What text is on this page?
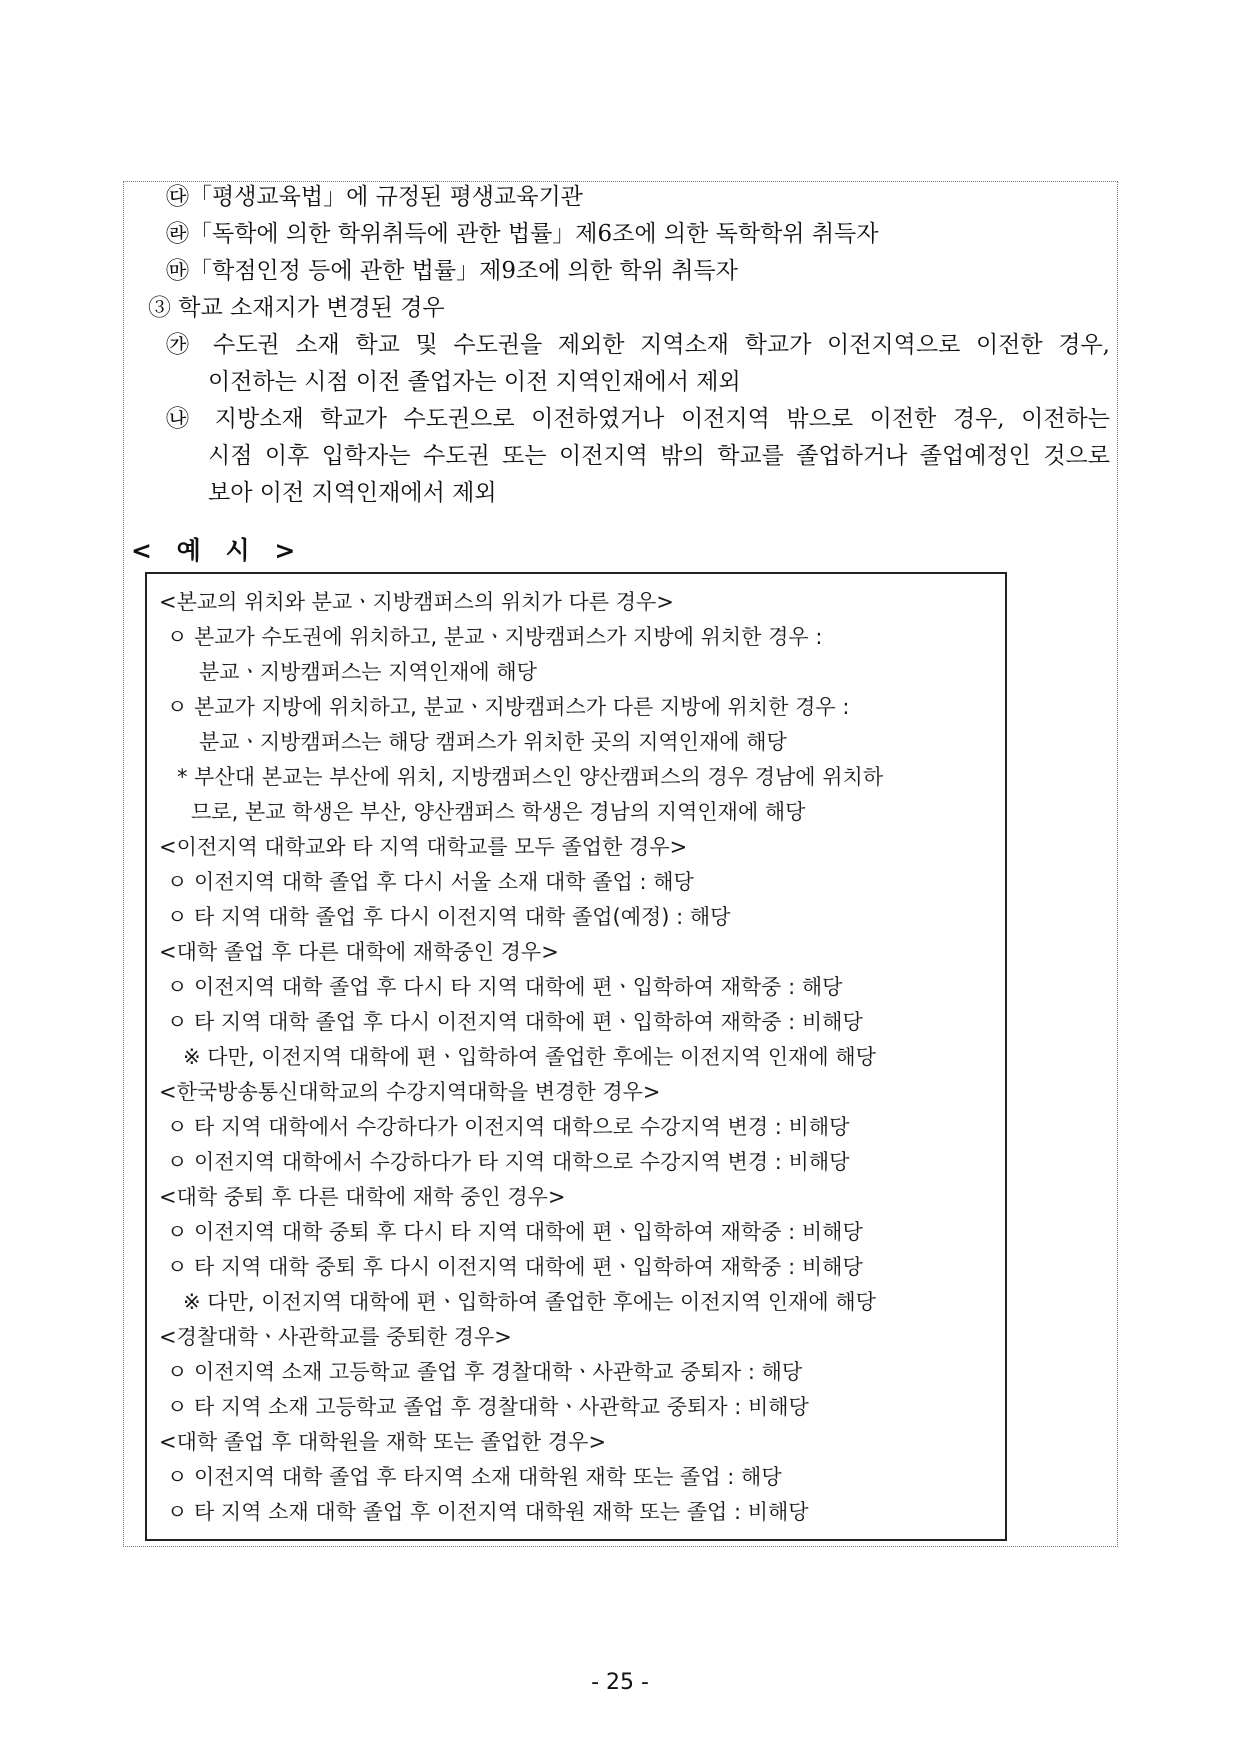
㉰「평생교육법」에 규정된 평생교육기관
㉱「독학에 의한 학위취득에 관한 법률」제6조에 의한 독학학위 취득자
㉲「학점인정 등에 관한 법률」제9조에 의한 학위 취득자
③ 학교 소재지가 변경된 경우
㉮ 수도권 소재 학교 및 수도권을 제외한 지역소재 학교가 이전지역으로 이전한 경우,
이전하는 시점 이전 졸업자는 이전 지역인재에서 제외
㉯ 지방소재 학교가 수도권으로 이전하였거나 이전지역 밖으로 이전한 경우, 이전하는
시점 이후 입학자는 수도권 또는 이전지역 밖의 학교를 졸업하거나 졸업예정인 것으로
보아 이전 지역인재에서 제외
< 예 시 >
<본교의 위치와 분교ㆍ지방캠퍼스의 위치가 다른 경우>
ㅇ 본교가 수도권에 위치하고, 분교ㆍ지방캠퍼스가 지방에 위치한 경우 :
분교ㆍ지방캠퍼스는 지역인재에 해당
ㅇ 본교가 지방에 위치하고, 분교ㆍ지방캠퍼스가 다른 지방에 위치한 경우 :
분교ㆍ지방캠퍼스는 해당 캠퍼스가 위치한 곳의 지역인재에 해당
* 부산대 본교는 부산에 위치, 지방캠퍼스인 양산캠퍼스의 경우 경남에 위치하
므로, 본교 학생은 부산, 양산캠퍼스 학생은 경남의 지역인재에 해당
<이전지역 대학교와 타 지역 대학교를 모두 졸업한 경우>
ㅇ 이전지역 대학 졸업 후 다시 서울 소재 대학 졸업 : 해당
ㅇ 타 지역 대학 졸업 후 다시 이전지역 대학 졸업(예정) : 해당
<대학 졸업 후 다른 대학에 재학중인 경우>
ㅇ 이전지역 대학 졸업 후 다시 타 지역 대학에 편ㆍ입학하여 재학중 : 해당
ㅇ 타 지역 대학 졸업 후 다시 이전지역 대학에 편ㆍ입학하여 재학중 : 비해당
※ 다만, 이전지역 대학에 편ㆍ입학하여 졸업한 후에는 이전지역 인재에 해당
<한국방송통신대학교의 수강지역대학을 변경한 경우>
ㅇ 타 지역 대학에서 수강하다가 이전지역 대학으로 수강지역 변경 : 비해당
ㅇ 이전지역 대학에서 수강하다가 타 지역 대학으로 수강지역 변경 : 비해당
<대학 중퇴 후 다른 대학에 재학 중인 경우>
ㅇ 이전지역 대학 중퇴 후 다시 타 지역 대학에 편ㆍ입학하여 재학중 : 비해당
ㅇ 타 지역 대학 중퇴 후 다시 이전지역 대학에 편ㆍ입학하여 재학중 : 비해당
※ 다만, 이전지역 대학에 편ㆍ입학하여 졸업한 후에는 이전지역 인재에 해당
<경찰대학ㆍ사관학교를 중퇴한 경우>
ㅇ 이전지역 소재 고등학교 졸업 후 경찰대학ㆍ사관학교 중퇴자 : 해당
ㅇ 타 지역 소재 고등학교 졸업 후 경찰대학ㆍ사관학교 중퇴자 : 비해당
<대학 졸업 후 대학원을 재학 또는 졸업한 경우>
ㅇ 이전지역 대학 졸업 후 타지역 소재 대학원 재학 또는 졸업 : 해당
ㅇ 타 지역 소재 대학 졸업 후 이전지역 대학원 재학 또는 졸업 : 비해당
- 25 -
